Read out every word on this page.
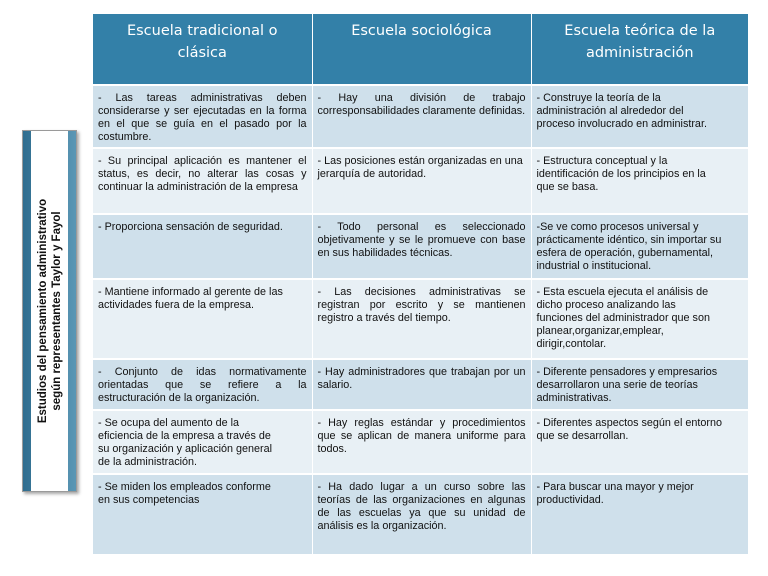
Estudios del pensamiento administrativo según representantes Taylor y Fayol
Escuela tradicional o clásica	Escuela sociológica	Escuela teórica de la administración
- Las tareas administrativas deben considerarse y ser ejecutadas en la forma en el que se guía en el pasado por la costumbre.	- Hay una división de trabajo corresponsabilidades claramente definidas.	- Construye la teoría de la
administración al alrededor del
proceso involucrado en administrar.
- Su principal aplicación es mantener el status, es decir, no alterar las cosas y continuar la administración de la empresa	- Las posiciones están organizadas en una jerarquía de autoridad.	- Estructura conceptual y la
identificación de los principios en la
que se basa.
- Proporciona sensación de seguridad.	- Todo personal es seleccionado objetivamente y se le promueve con base en sus habilidades técnicas.	-Se ve como procesos universal y
prácticamente idéntico, sin importar su
esfera de operación, gubernamental,
industrial o institucional.
- Mantiene informado al gerente de las actividades fuera de la empresa.	- Las decisiones administrativas se registran por escrito y se mantienen registro a través del tiempo.	- Esta escuela ejecuta el análisis de
dicho proceso analizando las
funciones del administrador que son
planear,organizar,emplear,
dirigir,contolar.
- Conjunto de idas normativamente orientadas que se refiere a la estructuración de la organización.	- Hay administradores que trabajan por un salario.	- Diferente pensadores y empresarios
desarrollaron una serie de teorías
administrativas.
- Se ocupa del aumento de la
eficiencia de la empresa a través de
su organización y aplicación general
de la administración.	- Hay reglas estándar y procedimientos que se aplican de manera uniforme para todos.	- Diferentes aspectos según el entorno
que se desarrollan.
- Se miden los empleados conforme
en sus competencias	- Ha dado lugar a un curso sobre las teorías de las organizaciones en algunas de las escuelas ya que su unidad de análisis es la organización.	- Para buscar una mayor y mejor
productividad.
